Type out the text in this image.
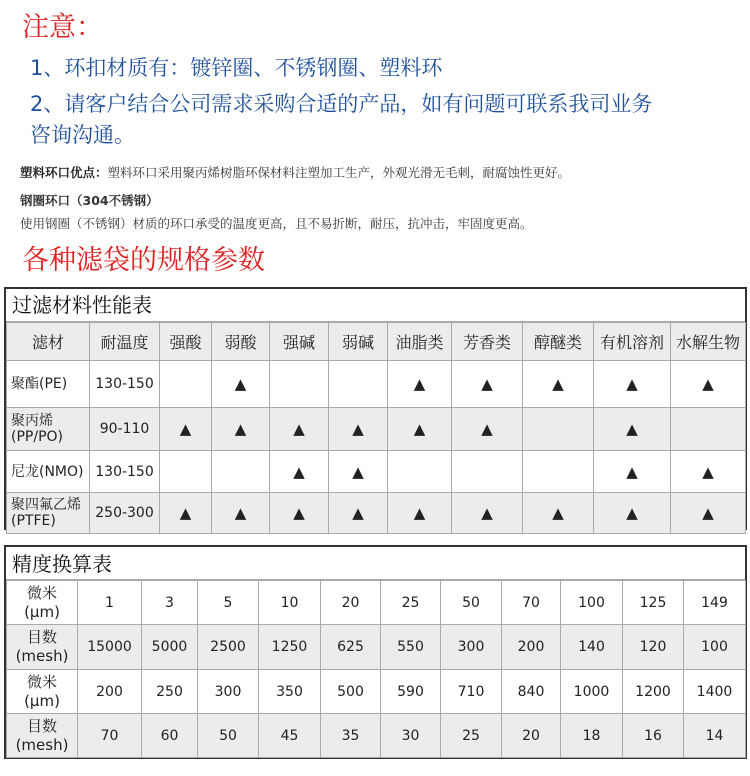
注意：
1、环扣材质有：镀锌圈、不锈钢圈、塑料环
2、请客户结合公司需求采购合适的产品，如有问题可联系我司业务
咨询沟通。
塑料环口优点：塑料环口采用聚丙烯树脂环保材料注塑加工生产，外观光滑无毛刺，耐腐蚀性更好。
钢圈环口（304不锈钢）
使用钢圈（不锈钢）材质的环口承受的温度更高，且不易折断，耐压，抗冲击，牢固度更高。
各种滤袋的规格参数
过滤材料性能表
滤材	耐温度	强酸	弱酸	强碱	弱碱	油脂类	芳香类	醇醚类	有机溶剂	水解生物
聚酯(PE)	130-150		▲			▲	▲	▲	▲	▲
聚丙烯
(PP/PO)	90-110	▲	▲	▲	▲	▲	▲		▲	
尼龙(NMO)	130-150			▲	▲				▲	▲
聚四氟乙烯
(PTFE)	250-300	▲	▲	▲	▲	▲	▲	▲	▲	▲
精度换算表
微米
(μm)	1	3	5	10	20	25	50	70	100	125	149
目数
(mesh)	15000	5000	2500	1250	625	550	300	200	140	120	100
微米
(μm)	200	250	300	350	500	590	710	840	1000	1200	1400
目数
(mesh)	70	60	50	45	35	30	25	20	18	16	14
